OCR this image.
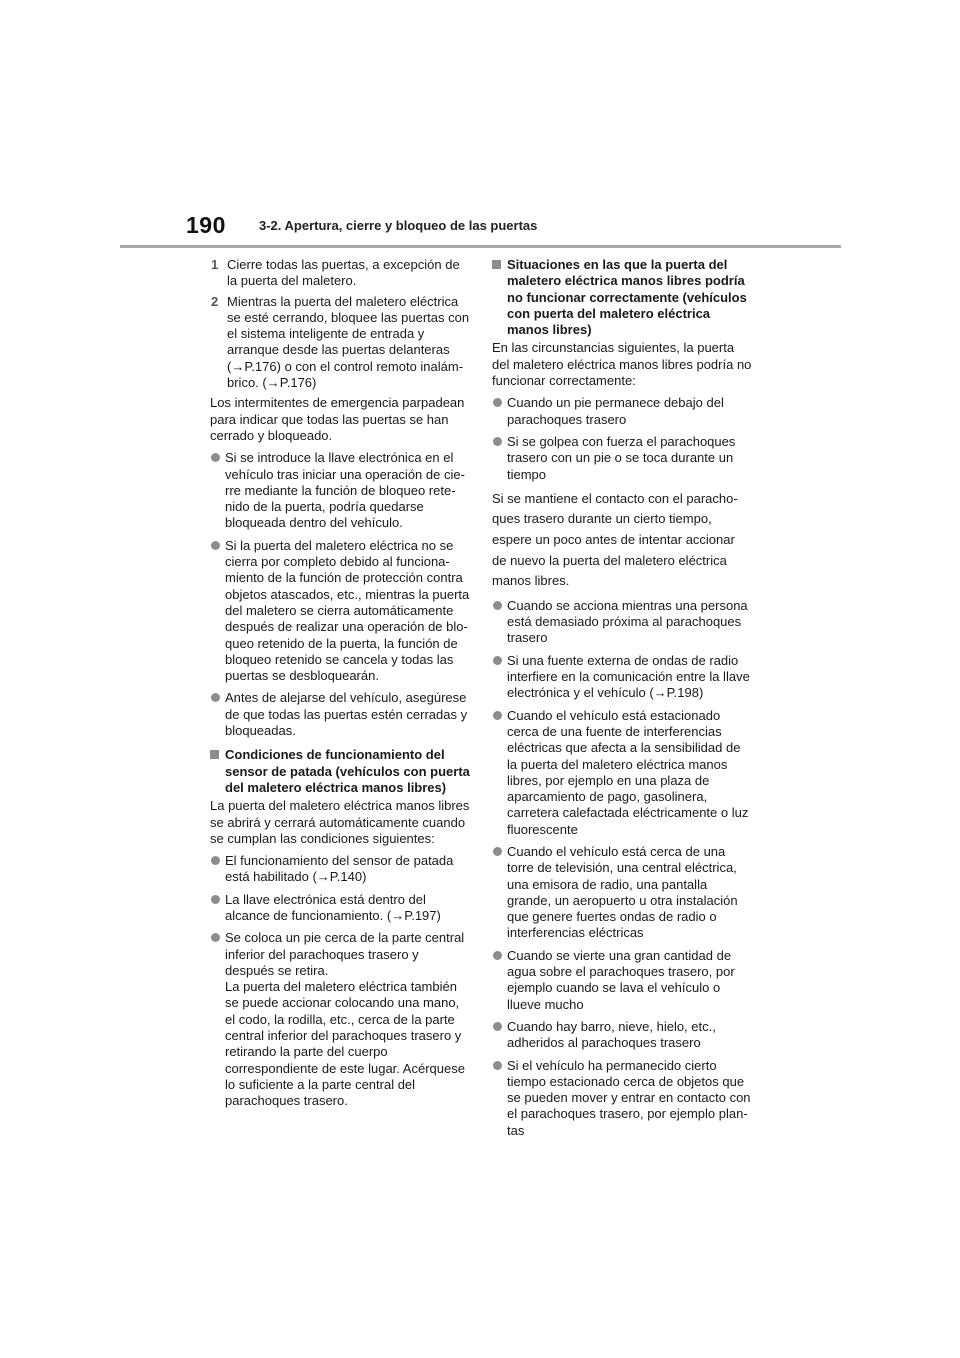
190	3-2. Apertura, cierre y bloqueo de las puertas
1 Cierre todas las puertas, a excepción de la puerta del maletero.
2 Mientras la puerta del maletero eléctrica se esté cerrando, bloquee las puertas con el sistema inteligente de entrada y arranque desde las puertas delanteras (→P.176) o con el control remoto inalámbrico. (→P.176)

Los intermitentes de emergencia parpadean para indicar que todas las puertas se han cerrado y bloqueado.

Si se introduce la llave electrónica en el vehículo tras iniciar una operación de cierre mediante la función de bloqueo retenido de la puerta, podría quedarse bloqueada dentro del vehículo.
Si la puerta del maletero eléctrica no se cierra por completo debido al funcionamiento de la función de protección contra objetos atascados, etc., mientras la puerta del maletero se cierra automáticamente después de realizar una operación de bloqueo retenido de la puerta, la función de bloqueo retenido se cancela y todas las puertas se desbloquearán.
Antes de alejarse del vehículo, asegúrese de que todas las puertas estén cerradas y bloqueadas.
Condiciones de funcionamiento del sensor de patada (vehículos con puerta del maletero eléctrica manos libres)

La puerta del maletero eléctrica manos libres se abrirá y cerrará automáticamente cuando se cumplan las condiciones siguientes:

El funcionamiento del sensor de patada está habilitado (→P.140)
La llave electrónica está dentro del alcance de funcionamiento. (→P.197)
Se coloca un pie cerca de la parte central inferior del parachoques trasero y después se retira.
La puerta del maletero eléctrica también se puede accionar colocando una mano, el codo, la rodilla, etc., cerca de la parte central inferior del parachoques trasero y retirando la parte del cuerpo correspondiente de este lugar. Acérquese lo suficiente a la parte central del parachoques trasero.
Situaciones en las que la puerta del maletero eléctrica manos libres podría no funcionar correctamente (vehículos con puerta del maletero eléctrica manos libres)

En las circunstancias siguientes, la puerta del maletero eléctrica manos libres podría no funcionar correctamente:

Cuando un pie permanece debajo del parachoques trasero
Si se golpea con fuerza el parachoques trasero con un pie o se toca durante un tiempo

Si se mantiene el contacto con el parachoques trasero durante un cierto tiempo, espere un poco antes de intentar accionar de nuevo la puerta del maletero eléctrica manos libres.

Cuando se acciona mientras una persona está demasiado próxima al parachoques trasero
Si una fuente externa de ondas de radio interfiere en la comunicación entre la llave electrónica y el vehículo (→P.198)
Cuando el vehículo está estacionado cerca de una fuente de interferencias eléctricas que afecta a la sensibilidad de la puerta del maletero eléctrica manos libres, por ejemplo en una plaza de aparcamiento de pago, gasolinera, carretera calefactada eléctricamente o luz fluorescente
Cuando el vehículo está cerca de una torre de televisión, una central eléctrica, una emisora de radio, una pantalla grande, un aeropuerto u otra instalación que genere fuertes ondas de radio o interferencias eléctricas
Cuando se vierte una gran cantidad de agua sobre el parachoques trasero, por ejemplo cuando se lava el vehículo o llueve mucho
Cuando hay barro, nieve, hielo, etc., adheridos al parachoques trasero
Si el vehículo ha permanecido cierto tiempo estacionado cerca de objetos que se pueden mover y entrar en contacto con el parachoques trasero, por ejemplo plantas
